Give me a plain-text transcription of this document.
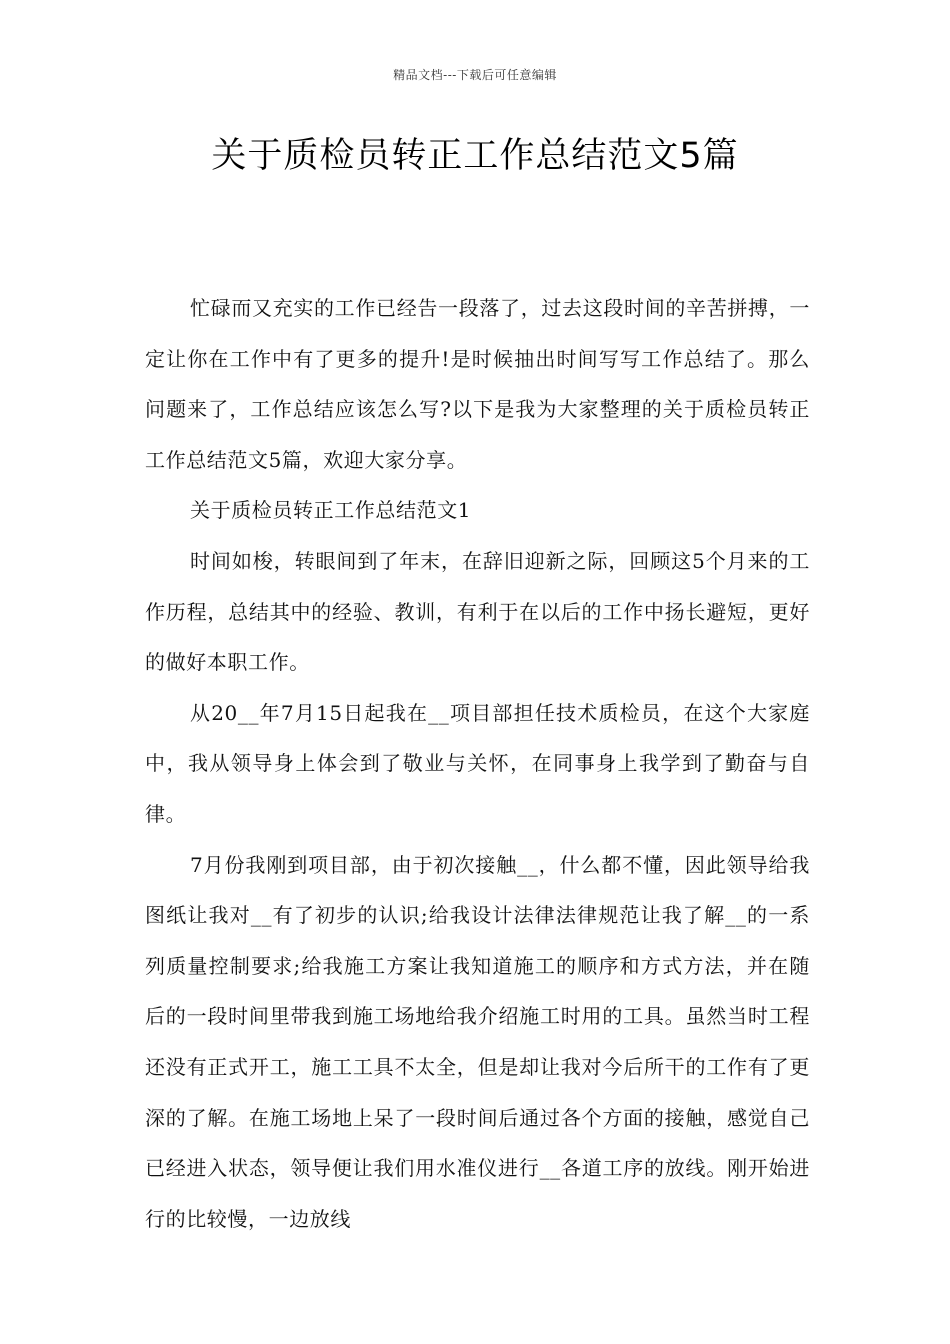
精品文档---下载后可任意编辑
关于质检员转正工作总结范文5篇

忙碌而又充实的工作已经告一段落了，过去这段时间的辛苦拼搏，一定让你在工作中有了更多的提升!是时候抽出时间写写工作总结了。那么问题来了，工作总结应该怎么写?以下是我为大家整理的关于质检员转正工作总结范文5篇，欢迎大家分享。

关于质检员转正工作总结范文1

时间如梭，转眼间到了年末，在辞旧迎新之际，回顾这5个月来的工作历程，总结其中的经验、教训，有利于在以后的工作中扬长避短，更好的做好本职工作。

从20__年7月15日起我在__项目部担任技术质检员，在这个大家庭中，我从领导身上体会到了敬业与关怀，在同事身上我学到了勤奋与自律。

7月份我刚到项目部，由于初次接触__，什么都不懂，因此领导给我图纸让我对__有了初步的认识;给我设计法律法律规范让我了解__的一系列质量控制要求;给我施工方案让我知道施工的顺序和方式方法，并在随后的一段时间里带我到施工场地给我介绍施工时用的工具。虽然当时工程还没有正式开工，施工工具不太全，但是却让我对今后所干的工作有了更深的了解。在施工场地上呆了一段时间后通过各个方面的接触，感觉自己已经进入状态，领导便让我们用水准仪进行__各道工序的放线。刚开始进行的比较慢，一边放线
